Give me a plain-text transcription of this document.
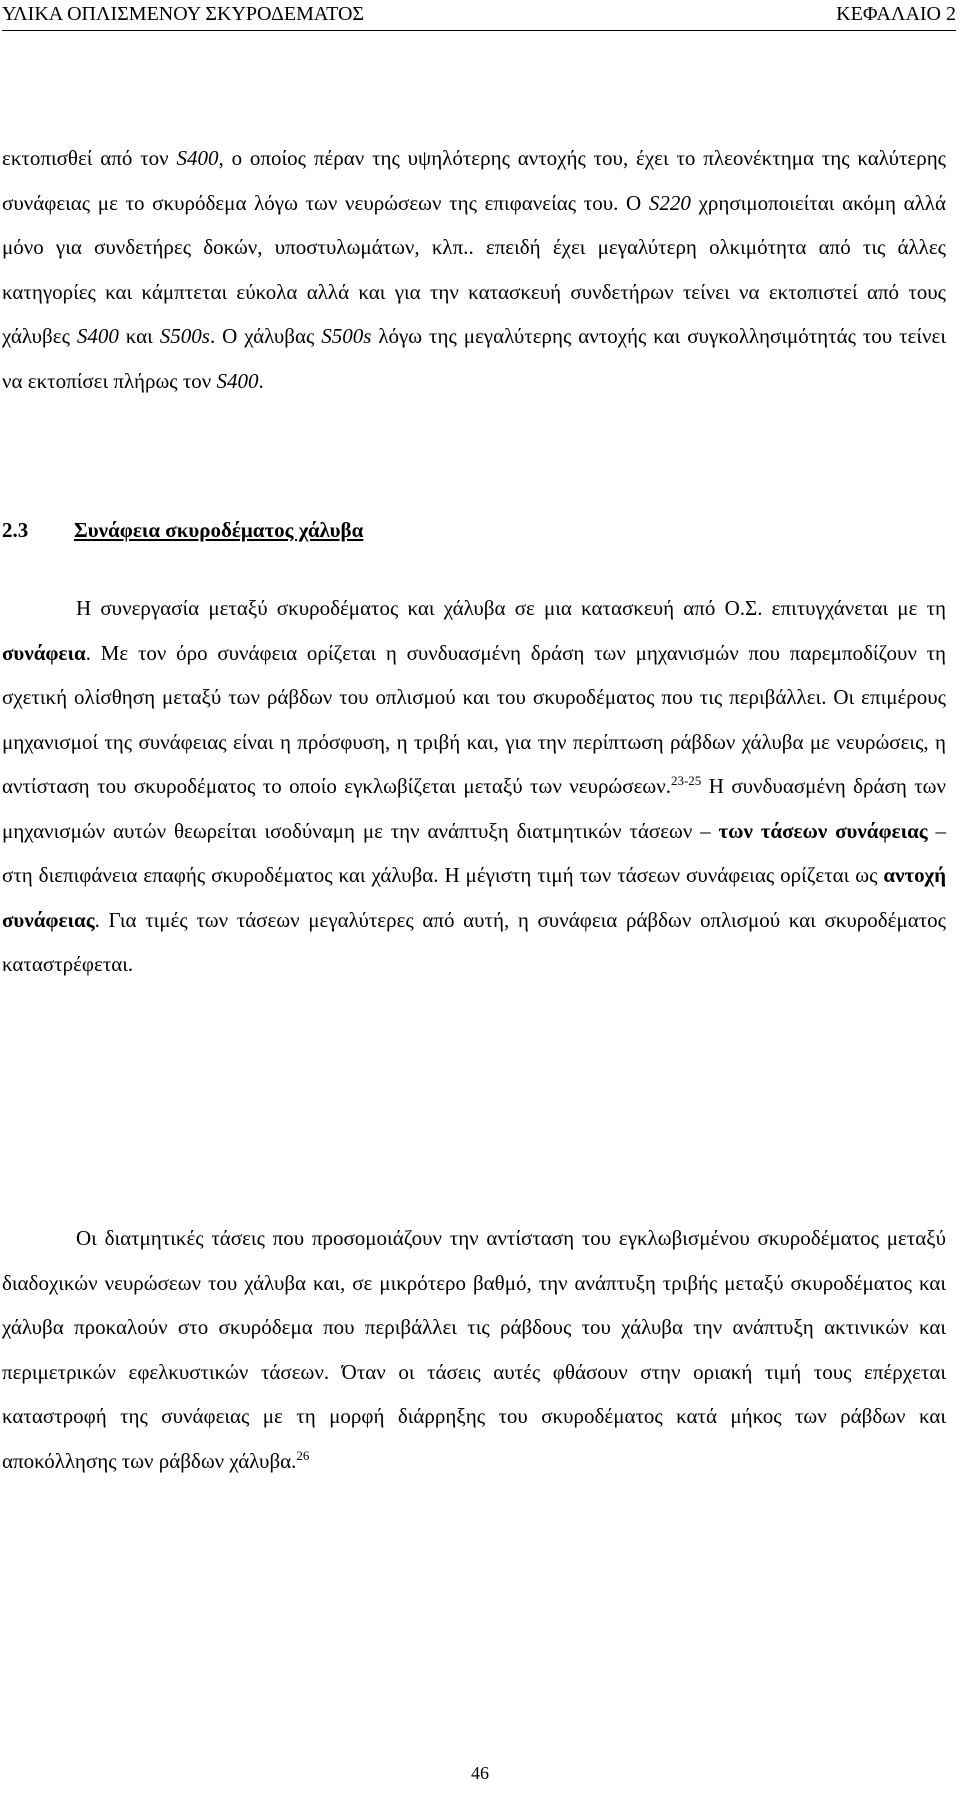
ΥΛΙΚΑ ΟΠΛΙΣΜΕΝΟΥ ΣΚΥΡΟΔΕΜΑΤΟΣ	ΚΕΦΑΛΑΙΟ 2

εκτοπισθεί από τον S400, ο οποίος πέραν της υψηλότερης αντοχής του, έχει το πλεονέκτημα της καλύτερης συνάφειας με το σκυρόδεμα λόγω των νευρώσεων της επιφανείας του. Ο S220 χρησιμοποιείται ακόμη αλλά μόνο για συνδετήρες δοκών, υποστυλωμάτων, κλπ.. επειδή έχει μεγαλύτερη ολκιμότητα από τις άλλες κατηγορίες και κάμπτεται εύκολα αλλά και για την κατασκευή συνδετήρων τείνει να εκτοπιστεί από τους χάλυβες S400 και S500s. Ο χάλυβας S500s λόγω της μεγαλύτερης αντοχής και συγκολλησιμότητάς του τείνει να εκτοπίσει πλήρως τον S400.

2.3 Συνάφεια σκυροδέματος χάλυβα

Η συνεργασία μεταξύ σκυροδέματος και χάλυβα σε μια κατασκευή από Ο.Σ. επιτυγχάνεται με τη συνάφεια. Με τον όρο συνάφεια ορίζεται η συνδυασμένη δράση των μηχανισμών που παρεμποδίζουν τη σχετική ολίσθηση μεταξύ των ράβδων του οπλισμού και του σκυροδέματος που τις περιβάλλει. Οι επιμέρους μηχανισμοί της συνάφειας είναι η πρόσφυση, η τριβή και, για την περίπτωση ράβδων χάλυβα με νευρώσεις, η αντίσταση του σκυροδέματος το οποίο εγκλωβίζεται μεταξύ των νευρώσεων.$^{23-25}$ Η συνδυασμένη δράση των μηχανισμών αυτών θεωρείται ισοδύναμη με την ανάπτυξη διατμητικών τάσεων – των τάσεων συνάφειας – στη διεπιφάνεια επαφής σκυροδέματος και χάλυβα. Η μέγιστη τιμή των τάσεων συνάφειας ορίζεται ως αντοχή συνάφειας. Για τιμές των τάσεων μεγαλύτερες από αυτή, η συνάφεια ράβδων οπλισμού και σκυροδέματος καταστρέφεται.

Οι διατμητικές τάσεις που προσομοιάζουν την αντίσταση του εγκλωβισμένου σκυροδέματος μεταξύ διαδοχικών νευρώσεων του χάλυβα και, σε μικρότερο βαθμό, την ανάπτυξη τριβής μεταξύ σκυροδέματος και χάλυβα προκαλούν στο σκυρόδεμα που περιβάλλει τις ράβδους του χάλυβα την ανάπτυξη ακτινικών και περιμετρικών εφελκυστικών τάσεων. Όταν οι τάσεις αυτές φθάσουν στην οριακή τιμή τους επέρχεται καταστροφή της συνάφειας με τη μορφή διάρρηξης του σκυροδέματος κατά μήκος των ράβδων και αποκόλλησης των ράβδων χάλυβα.$^{26}$

46
